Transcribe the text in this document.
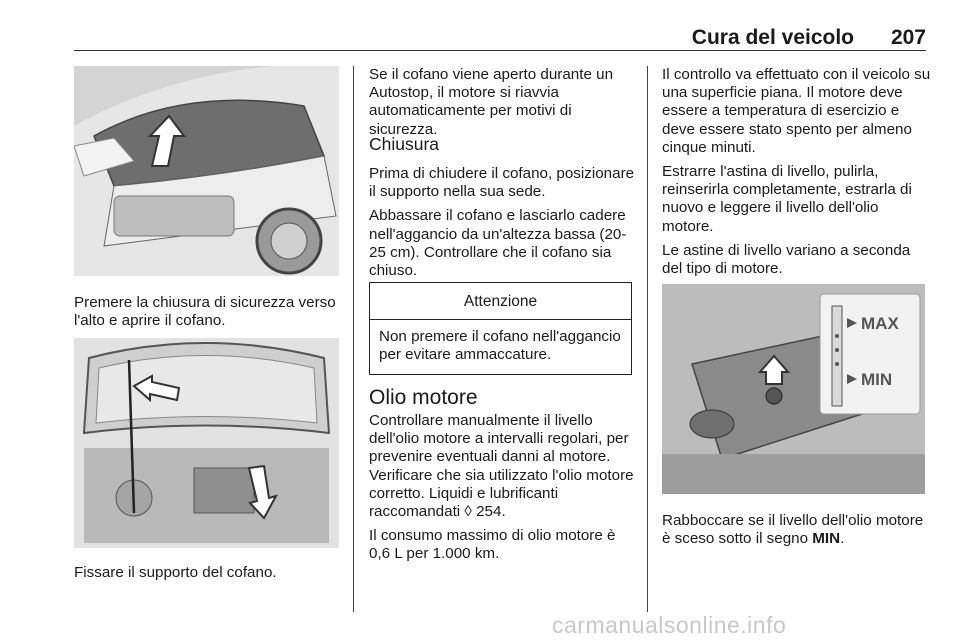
Cura del veicolo 207
Premere la chiusura di sicurezza verso l'alto e aprire il cofano.
Fissare il supporto del cofano.
Se il cofano viene aperto durante un Autostop, il motore si riavvia automaticamente per motivi di sicurezza.
Chiusura

Prima di chiudere il cofano, posizionare il supporto nella sua sede.

Abbassare il cofano e lasciarlo cadere nell'aggancio da un'altezza bassa (20-25 cm). Controllare che il cofano sia chiuso.

Attenzione
Non premere il cofano nell'aggancio per evitare ammaccature.
Olio motore

Controllare manualmente il livello dell'olio motore a intervalli regolari, per prevenire eventuali danni al motore. Verificare che sia utilizzato l'olio motore corretto. Liquidi e lubrificanti raccomandati ◊ 254.

Il consumo massimo di olio motore è 0,6 L per 1.000 km.

Il controllo va effettuato con il veicolo su una superficie piana. Il motore deve essere a temperatura di esercizio e deve essere stato spento per almeno cinque minuti.

Estrarre l'astina di livello, pulirla, reinserirla completamente, estrarla di nuovo e leggere il livello dell'olio motore.

Le astine di livello variano a seconda del tipo di motore.

MAX
MIN
Rabboccare se il livello dell'olio motore è sceso sotto il segno MIN.
carmanualsonline.info
